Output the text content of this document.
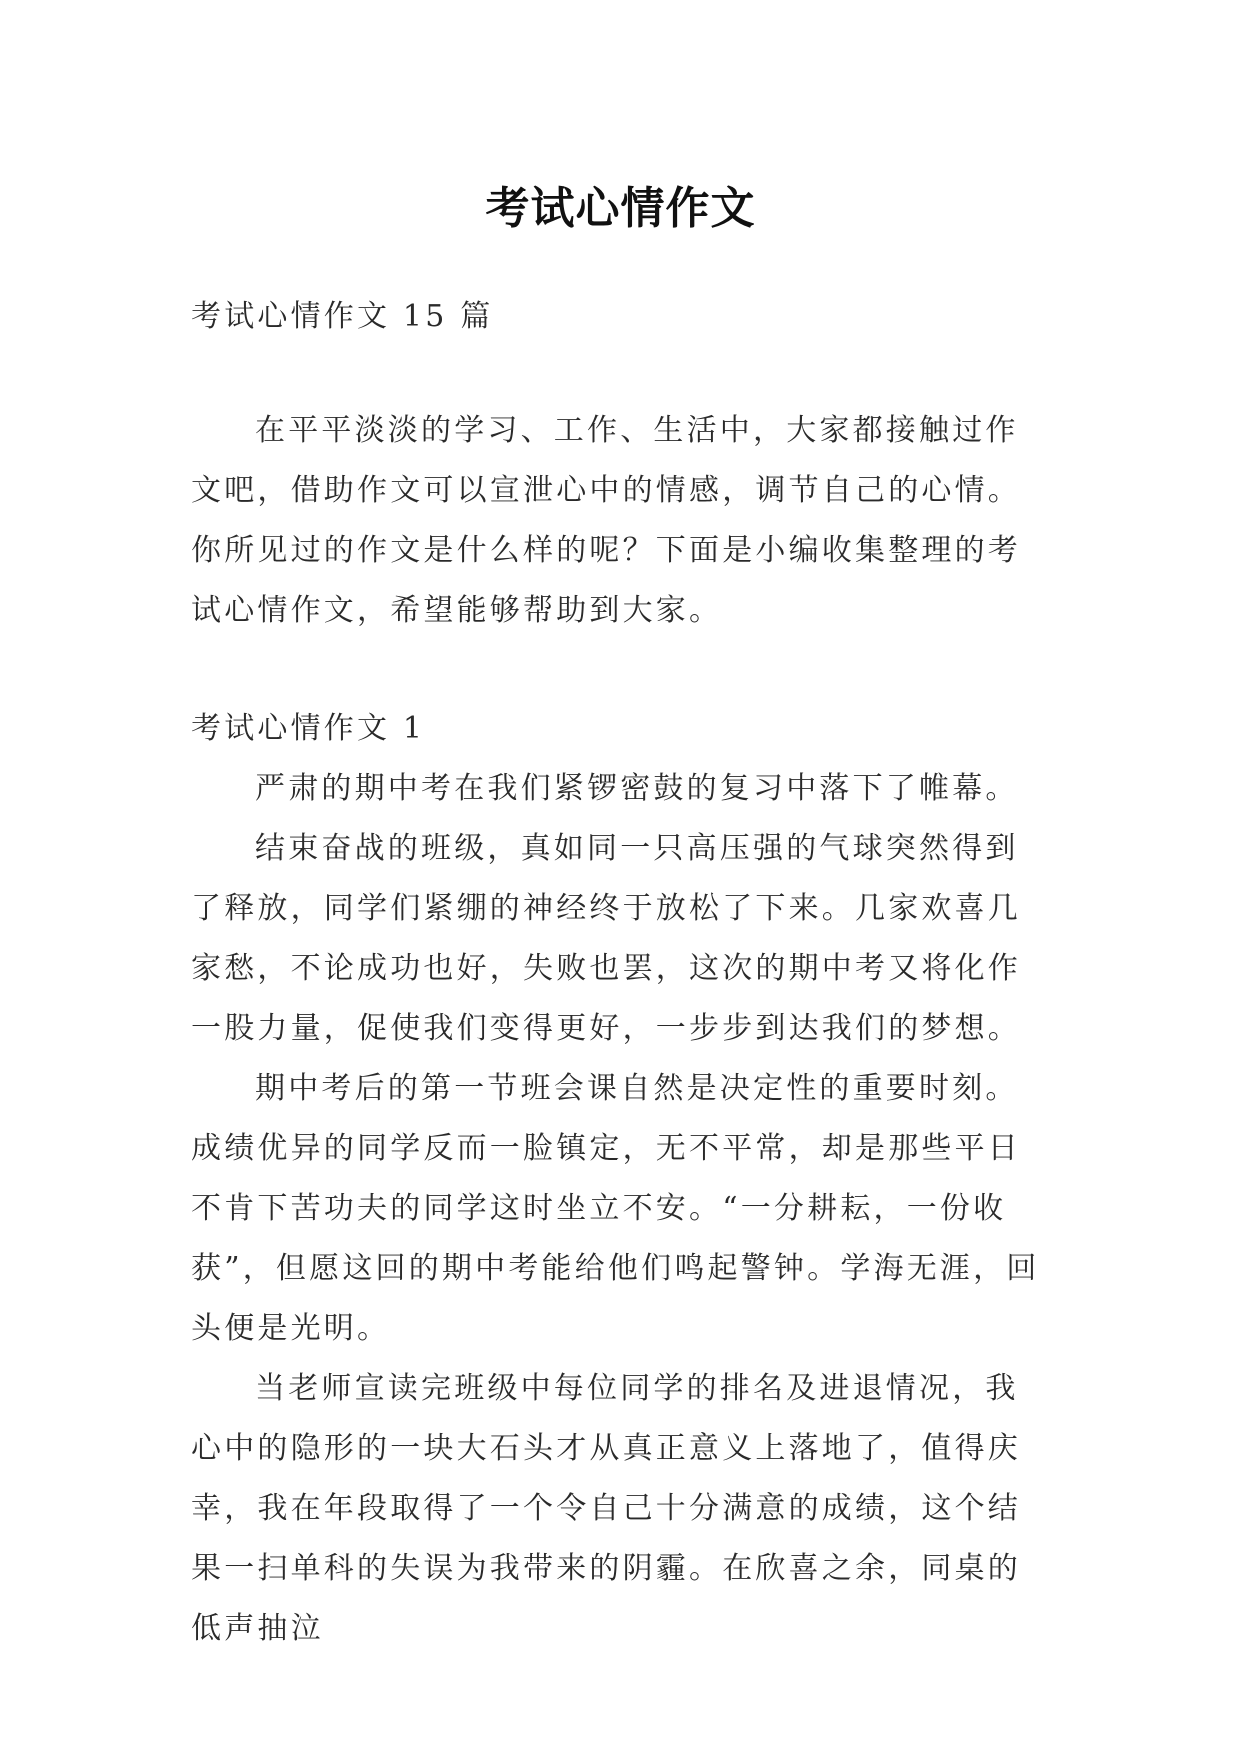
考试心情作文

考试心情作文 15 篇

在平平淡淡的学习、工作、生活中，大家都接触过作文吧，借助作文可以宣泄心中的情感，调节自己的心情。你所见过的作文是什么样的呢？下面是小编收集整理的考试心情作文，希望能够帮助到大家。

考试心情作文 1

严肃的期中考在我们紧锣密鼓的复习中落下了帷幕。

结束奋战的班级，真如同一只高压强的气球突然得到了释放，同学们紧绷的神经终于放松了下来。几家欢喜几家愁，不论成功也好，失败也罢，这次的期中考又将化作一股力量，促使我们变得更好，一步步到达我们的梦想。

期中考后的第一节班会课自然是决定性的重要时刻。成绩优异的同学反而一脸镇定，无不平常，却是那些平日不肯下苦功夫的同学这时坐立不安。“一分耕耘，一份收获”，但愿这回的期中考能给他们鸣起警钟。学海无涯，回头便是光明。

当老师宣读完班级中每位同学的排名及进退情况，我心中的隐形的一块大石头才从真正意义上落地了，值得庆幸，我在年段取得了一个令自己十分满意的成绩，这个结果一扫单科的失误为我带来的阴霾。在欣喜之余，同桌的低声抽泣
